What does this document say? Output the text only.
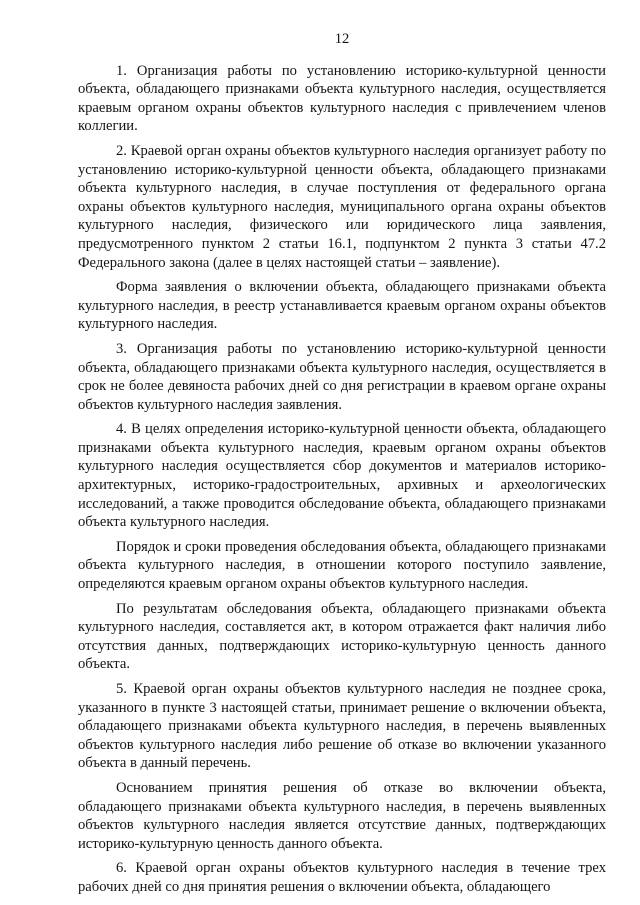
12

1. Организация работы по установлению историко-культурной ценности объекта, обладающего признаками объекта культурного наследия, осуществляется краевым органом охраны объектов культурного наследия с привлечением членов коллегии.

2. Краевой орган охраны объектов культурного наследия организует работу по установлению историко-культурной ценности объекта, обладающего признаками объекта культурного наследия, в случае поступления от федерального органа охраны объектов культурного наследия, муниципального органа охраны объектов культурного наследия, физического или юридического лица заявления, предусмотренного пунктом 2 статьи 16.1, подпунктом 2 пункта 3 статьи 47.2 Федерального закона (далее в целях настоящей статьи – заявление).

Форма заявления о включении объекта, обладающего признаками объекта культурного наследия, в реестр устанавливается краевым органом охраны объектов культурного наследия.

3. Организация работы по установлению историко-культурной ценности объекта, обладающего признаками объекта культурного наследия, осуществляется в срок не более девяноста рабочих дней со дня регистрации в краевом органе охраны объектов культурного наследия заявления.

4. В целях определения историко-культурной ценности объекта, обладающего признаками объекта культурного наследия, краевым органом охраны объектов культурного наследия осуществляется сбор документов и материалов историко-архитектурных, историко-градостроительных, архивных и археологических исследований, а также проводится обследование объекта, обладающего признаками объекта культурного наследия.

Порядок и сроки проведения обследования объекта, обладающего признаками объекта культурного наследия, в отношении которого поступило заявление, определяются краевым органом охраны объектов культурного наследия.

По результатам обследования объекта, обладающего признаками объекта культурного наследия, составляется акт, в котором отражается факт наличия либо отсутствия данных, подтверждающих историко-культурную ценность данного объекта.

5. Краевой орган охраны объектов культурного наследия не позднее срока, указанного в пункте 3 настоящей статьи, принимает решение о включении объекта, обладающего признаками объекта культурного наследия, в перечень выявленных объектов культурного наследия либо решение об отказе во включении указанного объекта в данный перечень.

Основанием принятия решения об отказе во включении объекта, обладающего признаками объекта культурного наследия, в перечень выявленных объектов культурного наследия является отсутствие данных, подтверждающих историко-культурную ценность данного объекта.

6. Краевой орган охраны объектов культурного наследия в течение трех рабочих дней со дня принятия решения о включении объекта, обладающего
